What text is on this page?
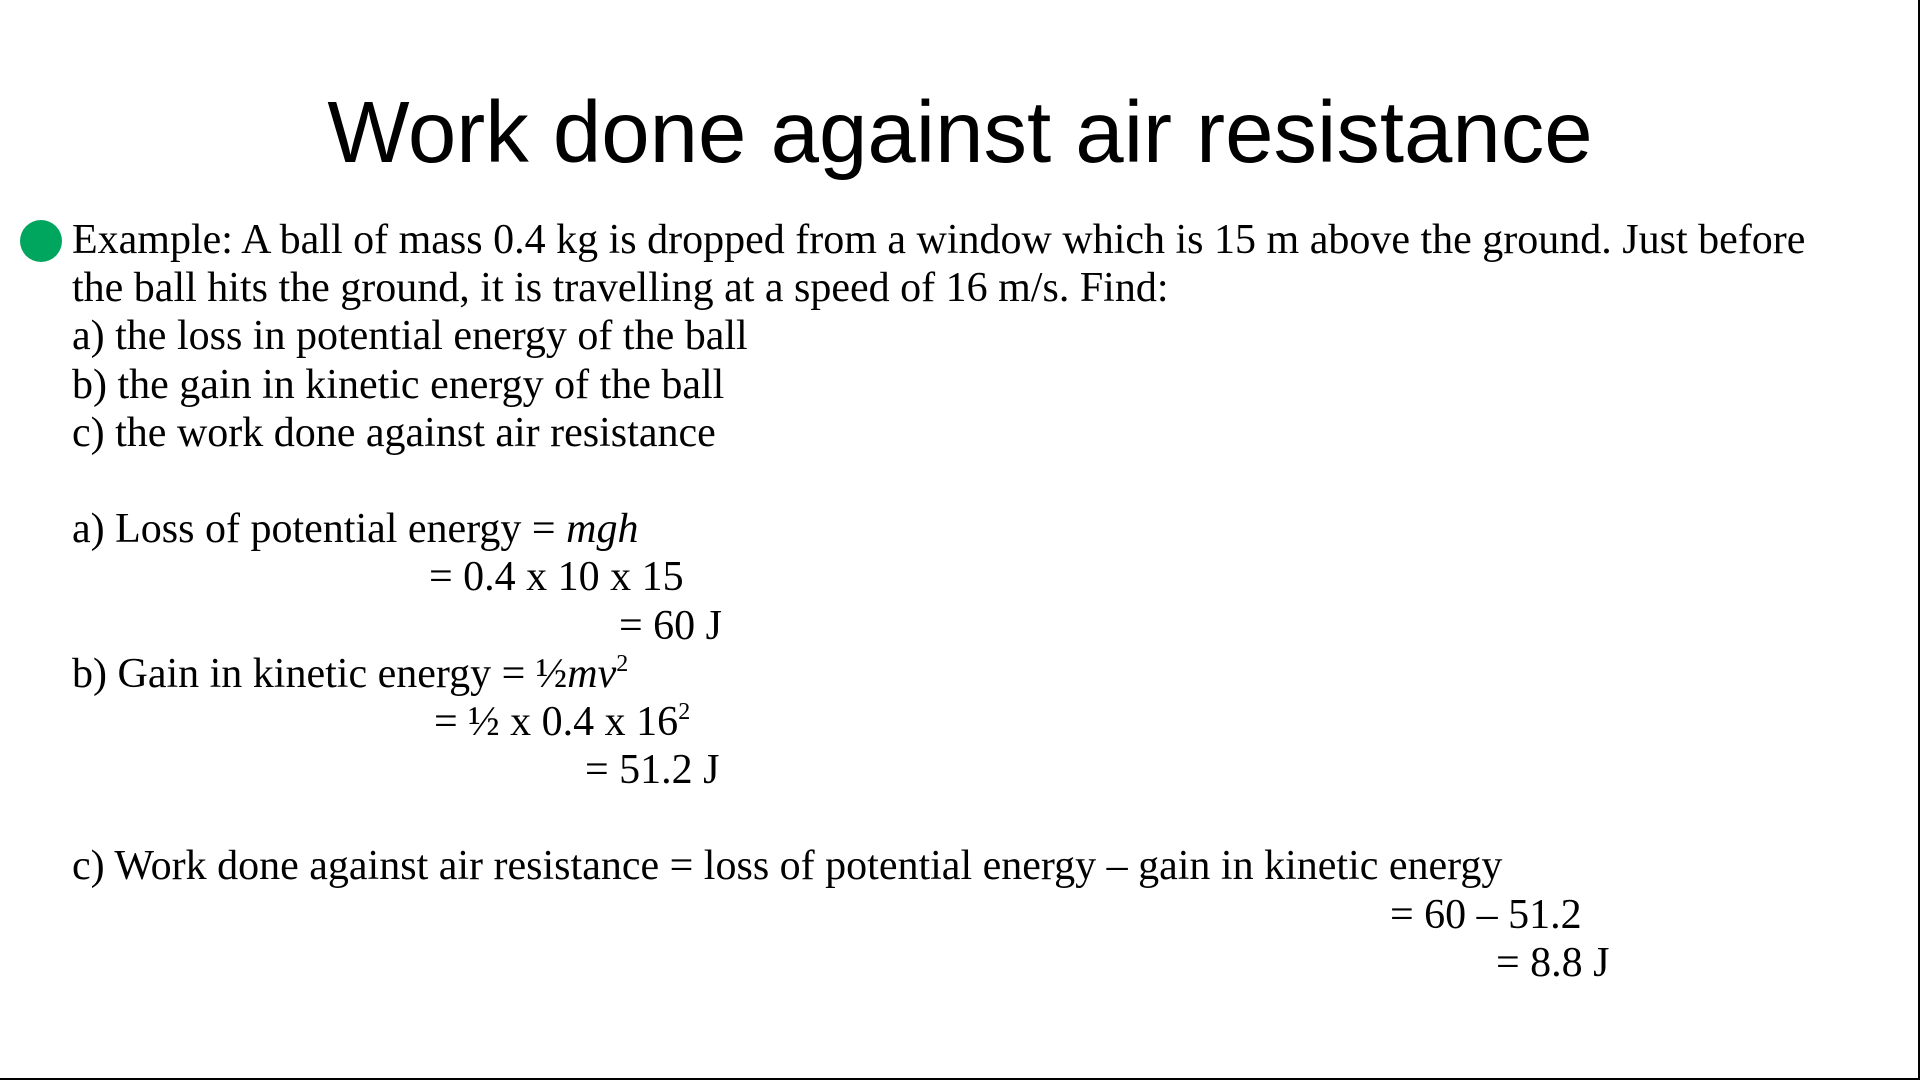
Work done against air resistance
Example: A ball of mass 0.4 kg is dropped from a window which is 15 m above the ground. Just before
the ball hits the ground, it is travelling at a speed of 16 m/s. Find:
a) the loss in potential energy of the ball
b) the gain in kinetic energy of the ball
c) the work done against air resistance
a) Loss of potential energy = mgh
= 0.4 x 10 x 15
= 60 J
b) Gain in kinetic energy = $\frac{1}{2}mv^2$
= ½ x 0.4 x $16^2$
= 51.2 J
c) Work done against air resistance = loss of potential energy – gain in kinetic energy
= 60 – 51.2
= 8.8 J
